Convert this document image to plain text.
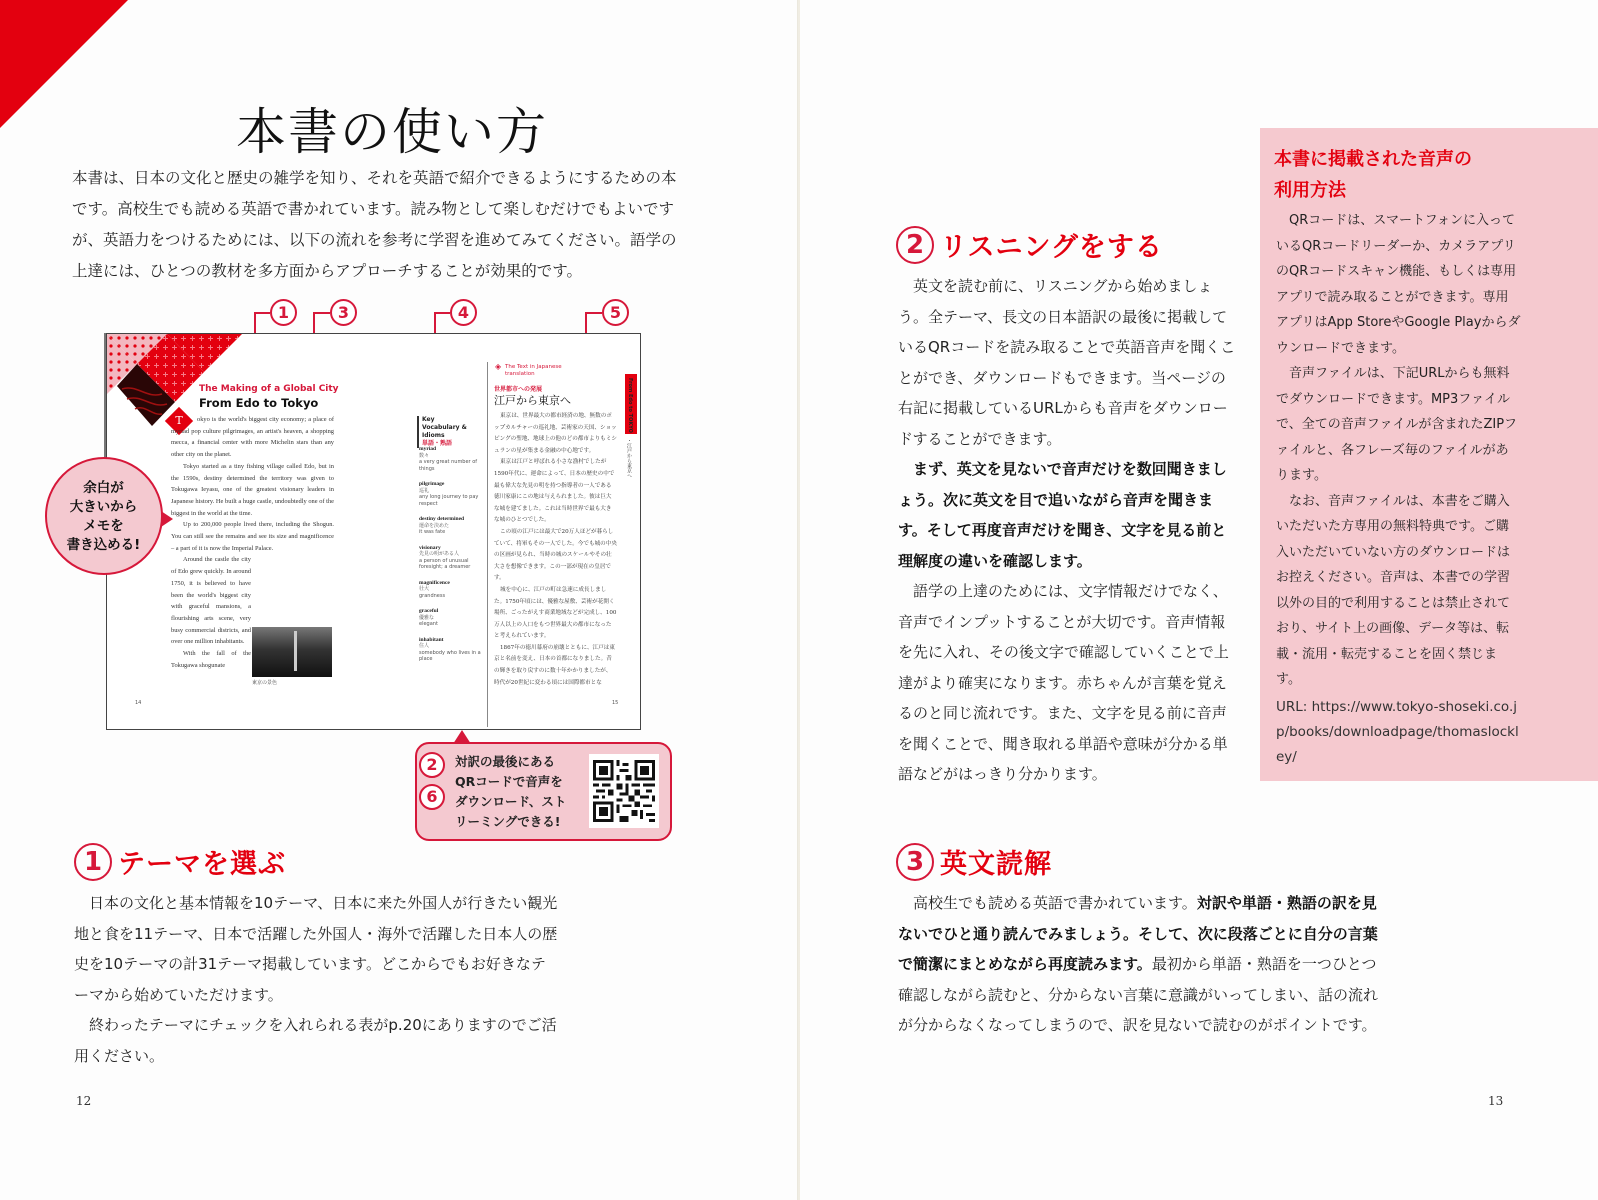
本書の使い方

本書は、日本の文化と歴史の雑学を知り、それを英語で紹介できるようにするための本です。高校生でも読める英語で書かれています。読み物として楽しむだけでもよいですが、英語力をつけるためには、以下の流れを参考に学習を進めてみてください。語学の上達には、ひとつの教材を多方面からアプローチすることが効果的です。

1	3	4	5
The Making of a Global City
From Edo to Tokyo
T	okyo is the world's biggest city economy; a place of myriad pop culture pilgrimages, an artist's heaven, a shopping mecca, a financial center with more Michelin stars than any other city on the planet.

Tokyo started as a tiny fishing village called Edo, but in the 1590s, destiny determined the territory was given to Tokugawa Ieyasu, one of the greatest visionary leaders in Japanese history. He built a huge castle, undoubtedly one of the biggest in the world at the time.

Up to 200,000 people lived there, including the Shogun. You can still see the remains and see its size and magnificence – a part of it is now the Imperial Palace.

Around the castle the city of Edo grew quickly. In around 1750, it is believed to have been the world's biggest city with graceful mansions, a flourishing arts scene, very busy commercial districts, and over one million inhabitants.

With the fall of the Tokugawa shogunate

東京の景色
14
Key Vocabulary & Idioms
単語・熟語
myriad
数々
a very great number of things
pilgrimage
巡礼
any long journey to pay respect
destiny determined
運命を決めた
it was fate
visionary
先見の明がある人
a person of unusual foresight; a dreamer
magnificence
壮大
grandness
graceful
優雅な
elegant
inhabitant
住人
somebody who lives in a place
◈ The Text in Japanese translation
世界都市への発展
江戸から東京へ

東京は、世界最大の都市経済の地、無数のポップカルチャーの巡礼地、芸術家の天国、ショッピングの聖地、地球上の他のどの都市よりもミシュランの星が集まる金融の中心地です。

東京は江戸と呼ばれる小さな漁村でしたが1590年代に、運命によって、日本の歴史の中で最も偉大な先見の明を持つ指導者の一人である徳川家康にこの地は与えられました。彼は巨大な城を建てました。これは当時世界で最も大きな城のひとつでした。

この頃の江戸には最大で20万人ほどが暮らしていて、将軍もその一人でした。今でも城の中央の区画が見られ、当時の城のスケールやその壮大さを想像できます。この一部が現在の皇居です。

城を中心に、江戸の町は急速に成長しました。1750年頃には、優雅な屋敷、芸術が花開く場所、ごったがえす商業地域などが完成し、100万人以上の人口をもつ世界最大の都市になったと考えられています。

1867年の徳川幕府の崩壊とともに、江戸は東京と名前を変え、日本の首都になりました。昔の輝きを取り戻すのに数十年かかりましたが、時代が20世紀に変わる頃には国際都市とな

From Edo to TOKYO
・江戸から東京へ
15
余白が
大きいから
メモを
書き込める!
2
6
対訳の最後にある
QRコードで音声を
ダウンロード、スト
リーミングできる!
1 テーマを選ぶ

日本の文化と基本情報を10テーマ、日本に来た外国人が行きたい観光地と食を11テーマ、日本で活躍した外国人・海外で活躍した日本人の歴史を10テーマの計31テーマ掲載しています。どこからでもお好きなテーマから始めていただけます。

終わったテーマにチェックを入れられる表がp.20にありますのでご活用ください。

12
2 リスニングをする

英文を読む前に、リスニングから始めましょう。全テーマ、長文の日本語訳の最後に掲載しているQRコードを読み取ることで英語音声を聞くことができ、ダウンロードもできます。当ページの右記に掲載しているURLからも音声をダウンロードすることができます。

まず、英文を見ないで音声だけを数回聞きましょう。次に英文を目で追いながら音声を聞きます。そして再度音声だけを聞き、文字を見る前と理解度の違いを確認します。

語学の上達のためには、文字情報だけでなく、音声でインプットすることが大切です。音声情報を先に入れ、その後文字で確認していくことで上達がより確実になります。赤ちゃんが言葉を覚えるのと同じ流れです。また、文字を見る前に音声を聞くことで、聞き取れる単語や意味が分かる単語などがはっきり分かります。

3 英文読解

高校生でも読める英語で書かれています。対訳や単語・熟語の訳を見ないでひと通り読んでみましょう。そして、次に段落ごとに自分の言葉で簡潔にまとめながら再度読みます。最初から単語・熟語を一つひとつ確認しながら読むと、分からない言葉に意識がいってしまい、話の流れが分からなくなってしまうので、訳を見ないで読むのがポイントです。

13
本書に掲載された音声の
利用方法

QRコードは、スマートフォンに入っているQRコードリーダーか、カメラアプリのQRコードスキャン機能、もしくは専用アプリで読み取ることができます。専用アプリはApp StoreやGoogle Playからダウンロードできます。

音声ファイルは、下記URLからも無料でダウンロードできます。MP3ファイルで、全ての音声ファイルが含まれたZIPファイルと、各フレーズ毎のファイルがあります。

なお、音声ファイルは、本書をご購入いただいた方専用の無料特典です。ご購入いただいていない方のダウンロードはお控えください。音声は、本書での学習以外の目的で利用することは禁止されており、サイト上の画像、データ等は、転載・流用・転売することを固く禁じます。

URL: https://www.tokyo-shoseki.co.jp/books/downloadpage/thomaslockley/
